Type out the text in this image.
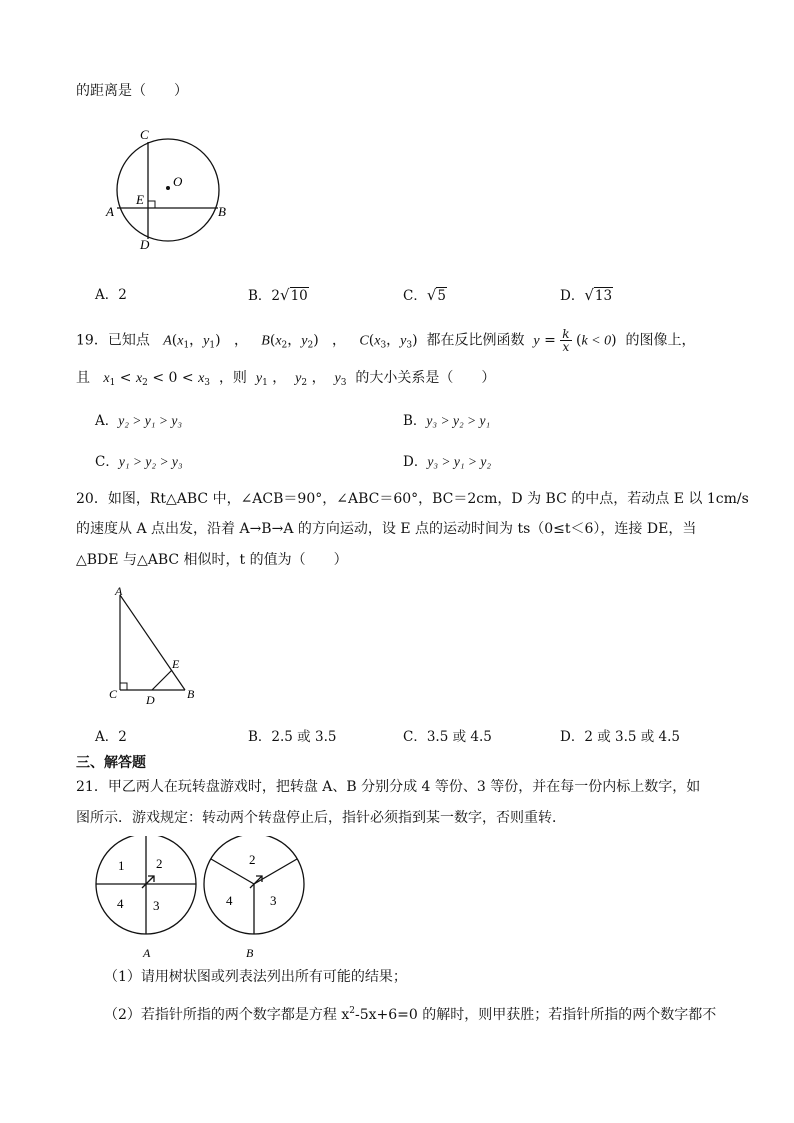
的距离是（　　）
C
O
E
A	B
D
A．2	B．2√10	C．√5	D．√13
19．已知点 $A(x_1$，$y_1$)   ， $B(x_2$，$y_2$)   ， $C(x_3$，$y_3$)  都在反比例函数 $y = \frac{k}{x} (k < 0)$  的图像上，
且 $x_1 < x_2 < 0 < x_3$ ，则 $y_1$ ， $y_2$ ， $y_3$ 的大小关系是（　　）
A．y₂ > y₁ > y₃	B．y₃ > y₂ > y₁
C．y₁ > y₂ > y₃	D．y₃ > y₁ > y₂
20．如图，Rt△ABC 中，∠ACB＝90°，∠ABC＝60°，BC＝2cm，D 为 BC 的中点，若动点 E 以 1cm/s
的速度从 A 点出发，沿着 A→B→A 的方向运动，设 E 点的运动时间为 ts（0≤t＜6），连接 DE，当
△BDE 与△ABC 相似时，t 的值为（　　）
A
E
C D	B
A．2	B．2.5 或 3.5	C．3.5 或 4.5	D．2 或 3.5 或 4.5
三、解答题
21．甲乙两人在玩转盘游戏时，把转盘 A、B 分别分成 4 等份、3 等份，并在每一份内标上数字，如
图所示．游戏规定：转动两个转盘停止后，指针必须指到某一数字，否则重转．
1 2
4 3
A
2
4	3
B
（1）请用树状图或列表法列出所有可能的结果；
（2）若指针所指的两个数字都是方程 $x^2-5x+6=0$ 的解时，则甲获胜；若指针所指的两个数字都不
